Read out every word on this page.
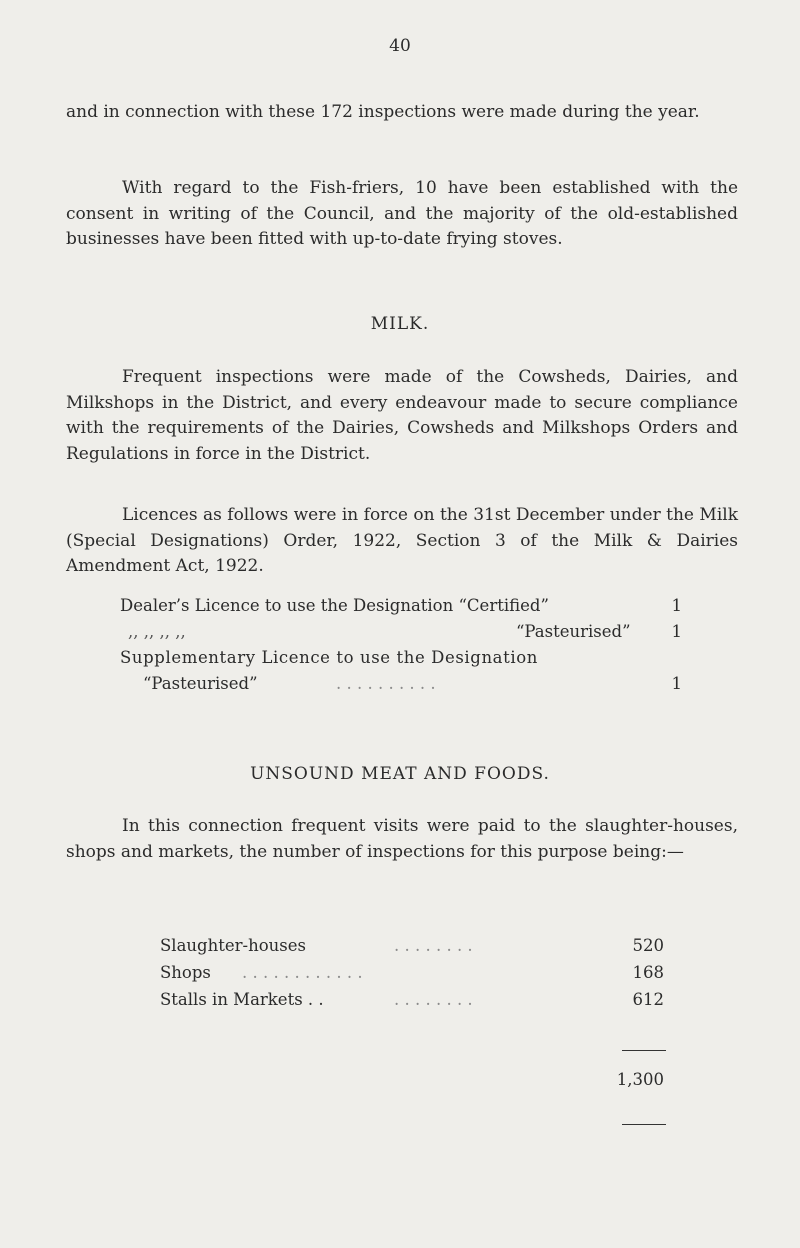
40

and in connection with these 172 inspections were made during the year.

With regard to the Fish-friers, 10 have been established with the consent in writing of the Council, and the majority of the old-established businesses have been fitted with up-to-date frying stoves.

MILK.

Frequent inspections were made of the Cowsheds, Dairies, and Milkshops in the District, and every endeavour made to secure compliance with the requirements of the Dairies, Cowsheds and Milkshops Orders and Regulations in force in the District.

Licences as follows were in force on the 31st December under the Milk (Special Designations) Order, 1922, Section 3 of the Milk & Dairies Amendment Act, 1922.

Dealer’s Licence to use the Designation “Certified”	1
,, ,, ,, ,,	“Pasteurised”	1
Supplementary Licence to use the Designation
“Pasteurised”	. . . . . . . . . .	1
UNSOUND MEAT AND FOODS.

In this connection frequent visits were paid to the slaughter-houses, shops and markets, the number of inspections for this purpose being:—

Slaughter-houses	. . . . . . . .	520
Shops . . . . . . . . . . . .	168
Stalls in Markets . .	. . . . . . . .	612
1,300
